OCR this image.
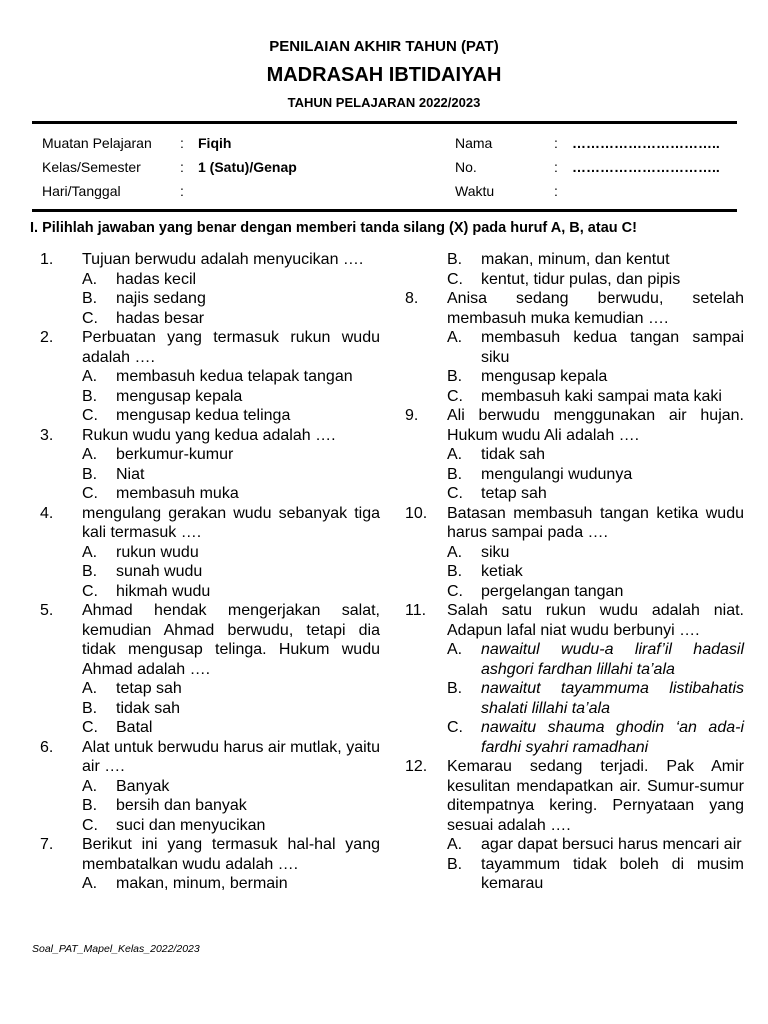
PENILAIAN AKHIR TAHUN (PAT)
MADRASAH IBTIDAIYAH
TAHUN PELAJARAN 2022/2023
Muatan Pelajaran : Fiqih
Kelas/Semester	: 1 (Satu)/Genap
Hari/Tanggal	:
Nama	: …………………………..
No.	: …………………………..
Waktu	:
I. Pilihlah jawaban yang benar dengan memberi tanda silang (X) pada huruf A, B, atau C!
1. Tujuan berwudu adalah menyucikan ….
A. hadas kecil
B. najis sedang
C. hadas besar
2. Perbuatan yang termasuk rukun wudu adalah ….
A. membasuh kedua telapak tangan
B. mengusap kepala
C. mengusap kedua telinga
3. Rukun wudu yang kedua adalah ….
A. berkumur-kumur
B. Niat
C. membasuh muka
4. mengulang gerakan wudu sebanyak tiga kali termasuk ….
A. rukun wudu
B. sunah wudu
C. hikmah wudu
5. Ahmad hendak mengerjakan salat, kemudian Ahmad berwudu, tetapi dia tidak mengusap telinga. Hukum wudu Ahmad adalah ….
A. tetap sah
B. tidak sah
C. Batal
6. Alat untuk berwudu harus air mutlak, yaitu air ….
A. Banyak
B. bersih dan banyak
C. suci dan menyucikan
7. Berikut ini yang termasuk hal-hal yang membatalkan wudu adalah ….
A. makan, minum, bermain
B. makan, minum, dan kentut
C. kentut, tidur pulas, dan pipis
8. Anisa sedang berwudu, setelah membasuh muka kemudian ….
A. membasuh kedua tangan sampai siku
B. mengusap kepala
C. membasuh kaki sampai mata kaki
9. Ali berwudu menggunakan air hujan. Hukum wudu Ali adalah ….
A. tidak sah
B. mengulangi wudunya
C. tetap sah
10. Batasan membasuh tangan ketika wudu harus sampai pada ….
A. siku
B. ketiak
C. pergelangan tangan
11. Salah satu rukun wudu adalah niat. Adapun lafal niat wudu berbunyi ….
A. nawaitul wudu-a liraf’il hadasil ashgori fardhan lillahi ta’ala
B. nawaitut tayammuma listibahatis shalati lillahi ta’ala
C. nawaitu shauma ghodin ‘an ada-i fardhi syahri ramadhani
12. Kemarau sedang terjadi. Pak Amir kesulitan mendapatkan air. Sumur-sumur ditempatnya kering. Pernyataan yang sesuai adalah ….
A. agar dapat bersuci harus mencari air
B. tayammum tidak boleh di musim kemarau
Soal_PAT_Mapel_Kelas_2022/2023
